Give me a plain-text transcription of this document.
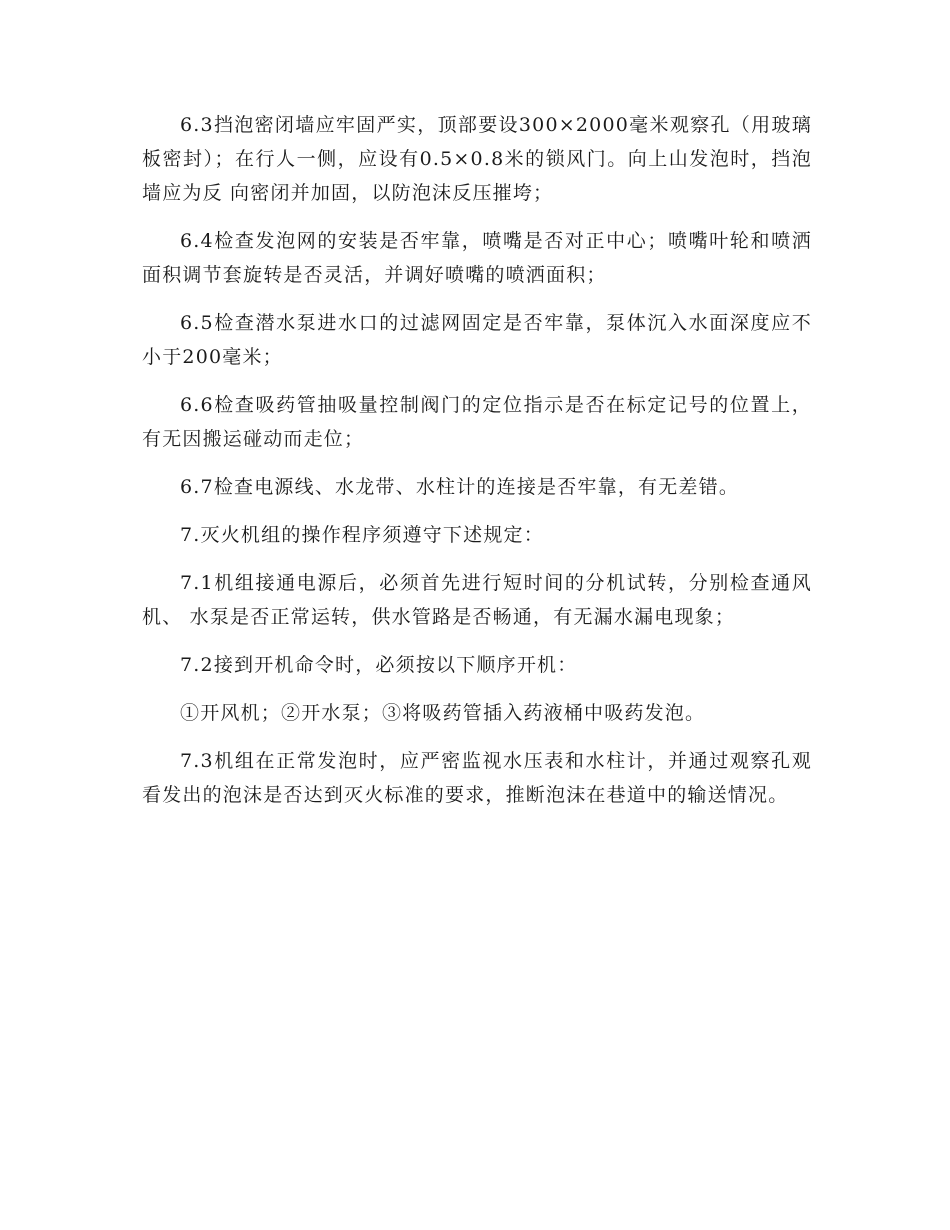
6.3挡泡密闭墙应牢固严实，顶部要设300×2000毫米观察孔（用玻璃板密封）；在行人一侧，应设有0.5×0.8米的锁风门。向上山发泡时，挡泡墙应为反 向密闭并加固，以防泡沫反压摧垮；

6.4检查发泡网的安装是否牢靠，喷嘴是否对正中心；喷嘴叶轮和喷洒面积调节套旋转是否灵活，并调好喷嘴的喷洒面积；

6.5检查潜水泵进水口的过滤网固定是否牢靠，泵体沉入水面深度应不小于200毫米；

6.6检查吸药管抽吸量控制阀门的定位指示是否在标定记号的位置上，有无因搬运碰动而走位；

6.7检查电源线、水龙带、水柱计的连接是否牢靠，有无差错。

7.灭火机组的操作程序须遵守下述规定：

7.1机组接通电源后，必须首先进行短时间的分机试转，分别检查通风机、 水泵是否正常运转，供水管路是否畅通，有无漏水漏电现象；

7.2接到开机命令时，必须按以下顺序开机：

①开风机；②开水泵；③将吸药管插入药液桶中吸药发泡。

7.3机组在正常发泡时，应严密监视水压表和水柱计，并通过观察孔观看发出的泡沫是否达到灭火标准的要求，推断泡沫在巷道中的输送情况。
